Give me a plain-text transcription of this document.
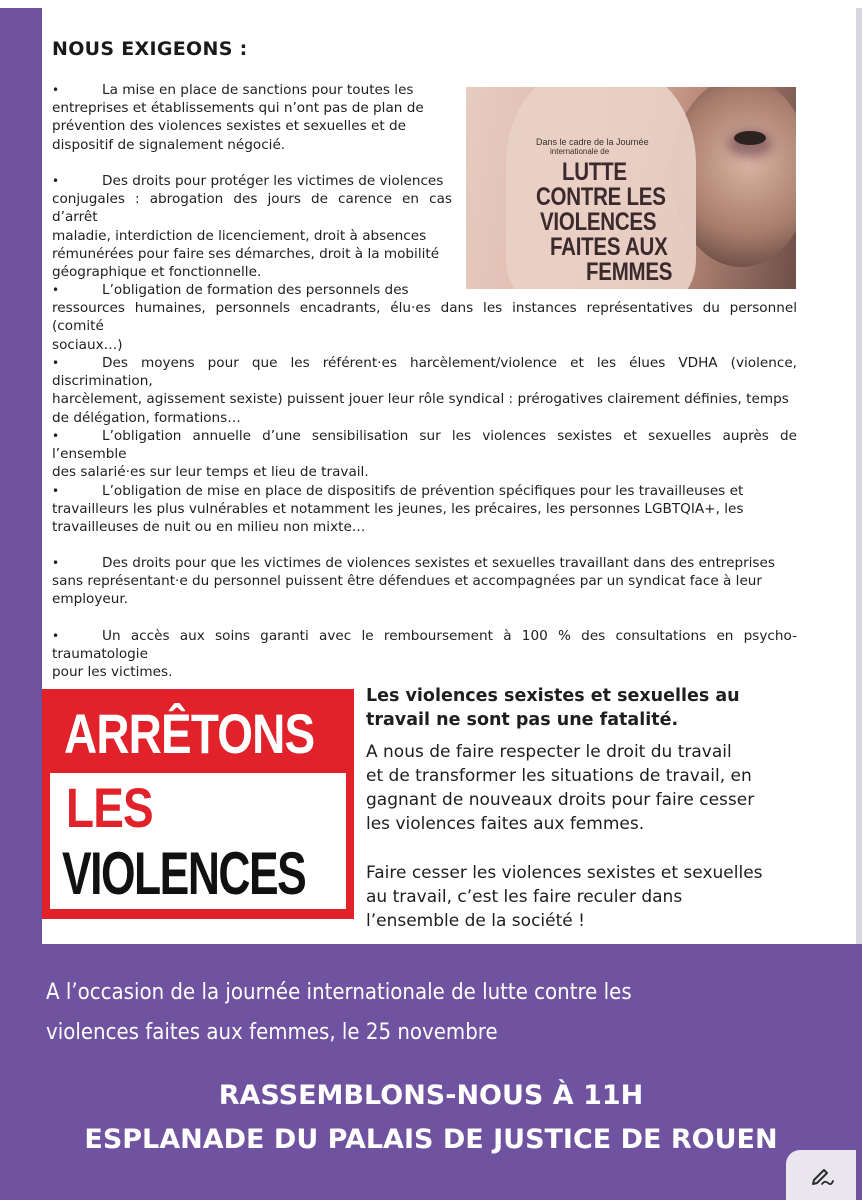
NOUS EXIGEONS :
•	La mise en place de sanctions pour toutes les
entreprises et établissements qui n’ont pas de plan de
prévention des violences sexistes et sexuelles et de
dispositif de signalement négocié.
•	Des droits pour protéger les victimes de violences
conjugales : abrogation des jours de carence en cas d’arrêt
maladie, interdiction de licenciement, droit à absences
rémunérées pour faire ses démarches, droit à la mobilité
géographique et fonctionnelle.
•	L’obligation de formation des personnels des
ressources humaines, personnels encadrants, élu·es dans les instances représentatives du personnel (comité
sociaux…)
•	Des moyens pour que les référent·es harcèlement/violence et les élues VDHA (violence, discrimination,
harcèlement, agissement sexiste) puissent jouer leur rôle syndical : prérogatives clairement définies, temps
de délégation, formations…
•	L’obligation annuelle d’une sensibilisation sur les violences sexistes et sexuelles auprès de l’ensemble
des salarié·es sur leur temps et lieu de travail.
•	L’obligation de mise en place de dispositifs de prévention spécifiques pour les travailleuses et
travailleurs les plus vulnérables et notamment les jeunes, les précaires, les personnes LGBTQIA+, les
travailleuses de nuit ou en milieu non mixte…
•	Des droits pour que les victimes de violences sexistes et sexuelles travaillant dans des entreprises
sans représentant·e du personnel puissent être défendues et accompagnées par un syndicat face à leur
employeur.
•	Un accès aux soins garanti avec le remboursement à 100 % des consultations en psycho- traumatologie
pour les victimes.

Dans le cadre de la Journée

internationale de

LUTTE

CONTRE LES

VIOLENCES

FAITES AUX

FEMMES

ARRÊTONS

LES

VIOLENCES

Les violences sexistes et sexuelles au

travail ne sont pas une fatalité.

A nous de faire respecter le droit du travail

et de transformer les situations de travail, en

gagnant de nouveaux droits pour faire cesser

les violences faites aux femmes.

Faire cesser les violences sexistes et sexuelles

au travail, c’est les faire reculer dans

l’ensemble de la société !

A l’occasion de la journée internationale de lutte contre les

violences faites aux femmes, le 25 novembre

RASSEMBLONS-NOUS À 11H

ESPLANADE DU PALAIS DE JUSTICE DE ROUEN
